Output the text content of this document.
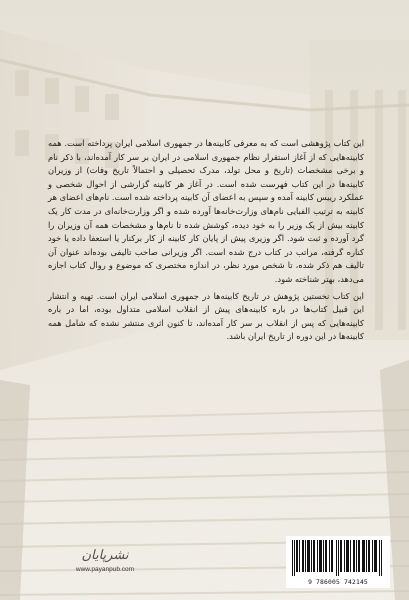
این کتاب پژوهشی است که به معرفی کابینه‌ها در جمهوری اسلامی ایران پرداخته است. همه کابینه‌هایی که از آغاز استقرار نظام جمهوری اسلامی در ایران بر سر کار آمده‌اند، با ذکر نام و برخی مشخصات (تاریخ و محل تولد، مدرک تحصیلی و احتمالاً تاریخ وفات) از وزیران کابینه‌ها در این کتاب فهرست شده است. در آغاز هر کابینه گزارشی از احوال شخصی و عملکرد رییس کابینه آمده و سپس به اعضای آن کابینه پرداخته شده است. نام‌های اعضای هر کابینه به ترتیب الفبایی نام‌های وزارت‌خانه‌ها آورده شده و اگر وزارت‌خانه‌ای در مدت کار یک کابینه بیش از یک وزیر را به خود دیده، کوشش شده تا نام‌ها و مشخصات همه آن وزیران را گرد آورده و ثبت شود. اگر وزیری پیش از پایان کار کابینه از کار برکنار یا استعفا داده یا خود کناره گرفته، مراتب در کتاب درج شده است. اگر وزیرانی صاحب تالیفی بوده‌اند عنوان آن تالیف هم ذکر شده، تا شخص مورد نظر، در اندازه مختصری که موضوع و روال کتاب اجازه می‌دهد، بهتر شناخته شود.

این کتاب نخستین پژوهش در تاریخ کابینه‌ها در جمهوری اسلامی ایران است. تهیه و انتشار این قبیل کتاب‌ها در باره کابینه‌های پیش از انقلاب اسلامی متداول بوده، اما در باره کابینه‌هایی که پس از انقلاب بر سر کار آمده‌اند، تا کنون اثری منتشر نشده که شامل همه کابینه‌ها در این دوره از تاریخ ایران باشد.

نشرپایان
www.payanpub.com
9 786005 742145
